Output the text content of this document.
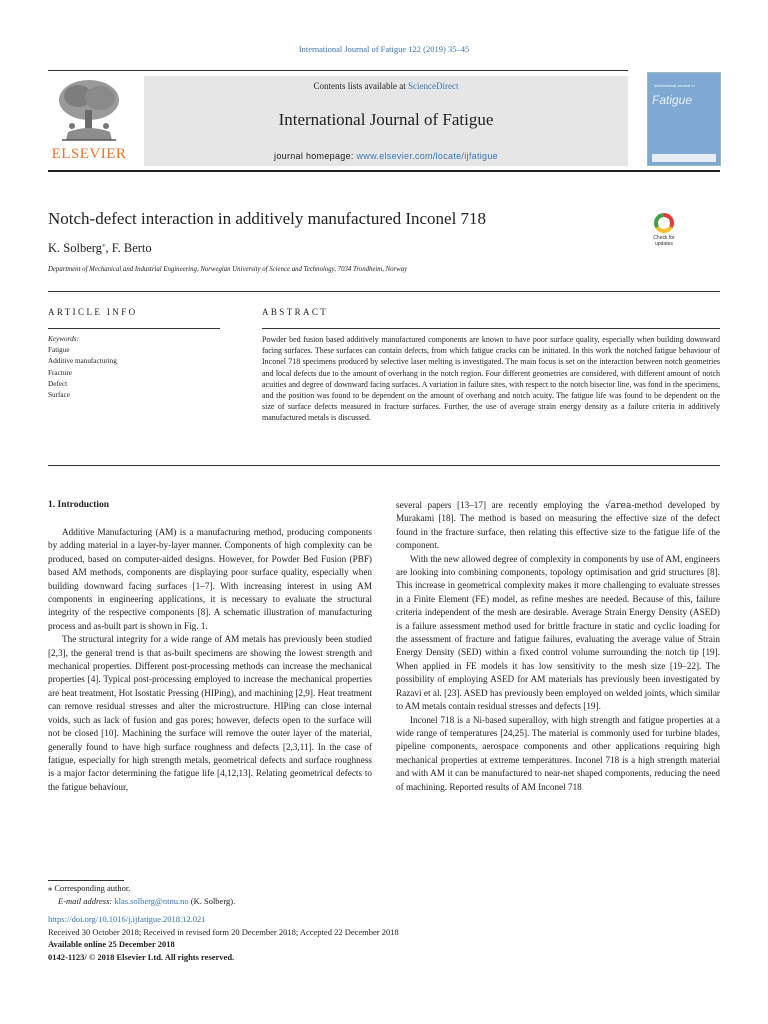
International Journal of Fatigue 122 (2019) 35–45
ELSEVIER
Contents lists available at ScienceDirect
International Journal of Fatigue
journal homepage: www.elsevier.com/locate/ijfatigue
International Journal of
Fatigue
Notch-defect interaction in additively manufactured Inconel 718
Check for updates
K. Solberg⁎, F. Berto
Department of Mechanical and Industrial Engineering, Norwegian University of Science and Technology, 7034 Trondheim, Norway
ARTICLE INFO	ABSTRACT
Keywords:
Fatigue
Additive manufacturing
Fracture
Defect
Surface
Powder bed fusion based additively manufactured components are known to have poor surface quality, especially when building downward facing surfaces. These surfaces can contain defects, from which fatigue cracks can be initiated. In this work the notched fatigue behaviour of Inconel 718 specimens produced by selective laser melting is investigated. The main focus is set on the interaction between notch geometries and local defects due to the amount of overhang in the notch region. Four different geometries are considered, with different amount of notch acuities and degree of downward facing surfaces. A variation in failure sites, with respect to the notch bisector line, was fond in the specimens, and the position was found to be dependent on the amount of overhang and notch acuity. The fatigue life was found to be dependent on the size of surface defects measured in fracture surfaces. Further, the use of average strain energy density as a failure criteria in additively manufactured metals is discussed.
1. Introduction

Additive Manufacturing (AM) is a manufacturing method, producing components by adding material in a layer-by-layer manner. Components of high complexity can be produced, based on computer-aided designs. However, for Powder Bed Fusion (PBF) based AM methods, components are displaying poor surface quality, especially when building downward facing surfaces [1–7]. With increasing interest in using AM components in engineering applications, it is necessary to evaluate the structural integrity of the respective components [8]. A schematic illustration of manufacturing process and as-built part is shown in Fig. 1.

The structural integrity for a wide range of AM metals has previously been studied [2,3], the general trend is that as-built specimens are showing the lowest strength and mechanical properties. Different post-processing methods can increase the mechanical properties [4]. Typical post-processing employed to increase the mechanical properties are heat treatment, Hot Isostatic Pressing (HIPing), and machining [2,9]. Heat treatment can remove residual stresses and alter the microstructure. HIPing can close internal voids, such as lack of fusion and gas pores; however, defects open to the surface will not be closed [10]. Machining the surface will remove the outer layer of the material, generally found to have high surface roughness and defects [2,3,11]. In the case of fatigue, especially for high strength metals, geometrical defects and surface roughness is a major factor determining the fatigue life [4,12,13]. Relating geometrical defects to the fatigue behaviour,

several papers [13–17] are recently employing the √area-method developed by Murakami [18]. The method is based on measuring the effective size of the defect found in the fracture surface, then relating this effective size to the fatigue life of the component.

With the new allowed degree of complexity in components by use of AM, engineers are looking into combining components, topology optimisation and grid structures [8]. This increase in geometrical complexity makes it more challenging to evaluate stresses in a Finite Element (FE) model, as refine meshes are needed. Because of this, failure criteria independent of the mesh are desirable. Average Strain Energy Density (ASED) is a failure assessment method used for brittle fracture in static and cyclic loading for the assessment of fracture and fatigue failures, evaluating the average value of Strain Energy Density (SED) within a fixed control volume surrounding the notch tip [19]. When applied in FE models it has low sensitivity to the mesh size [19–22]. The possibility of employing ASED for AM materials has previously been investigated by Razavi et al. [23]. ASED has previously been employed on welded joints, which similar to AM metals contain residual stresses and defects [19].

Inconel 718 is a Ni-based superalloy, with high strength and fatigue properties at a wide range of temperatures [24,25]. The material is commonly used for turbine blades, pipeline components, aerospace components and other applications requiring high mechanical properties at extreme temperatures. Inconel 718 is a high strength material and with AM it can be manufactured to near-net shaped components, reducing the need of machining. Reported results of AM Inconel 718

⁎ Corresponding author.
E-mail address: klas.solberg@ntnu.no (K. Solberg).
https://doi.org/10.1016/j.ijfatigue.2018.12.021
Received 30 October 2018; Received in revised form 20 December 2018; Accepted 22 December 2018
Available online 25 December 2018
0142-1123/ © 2018 Elsevier Ltd. All rights reserved.
